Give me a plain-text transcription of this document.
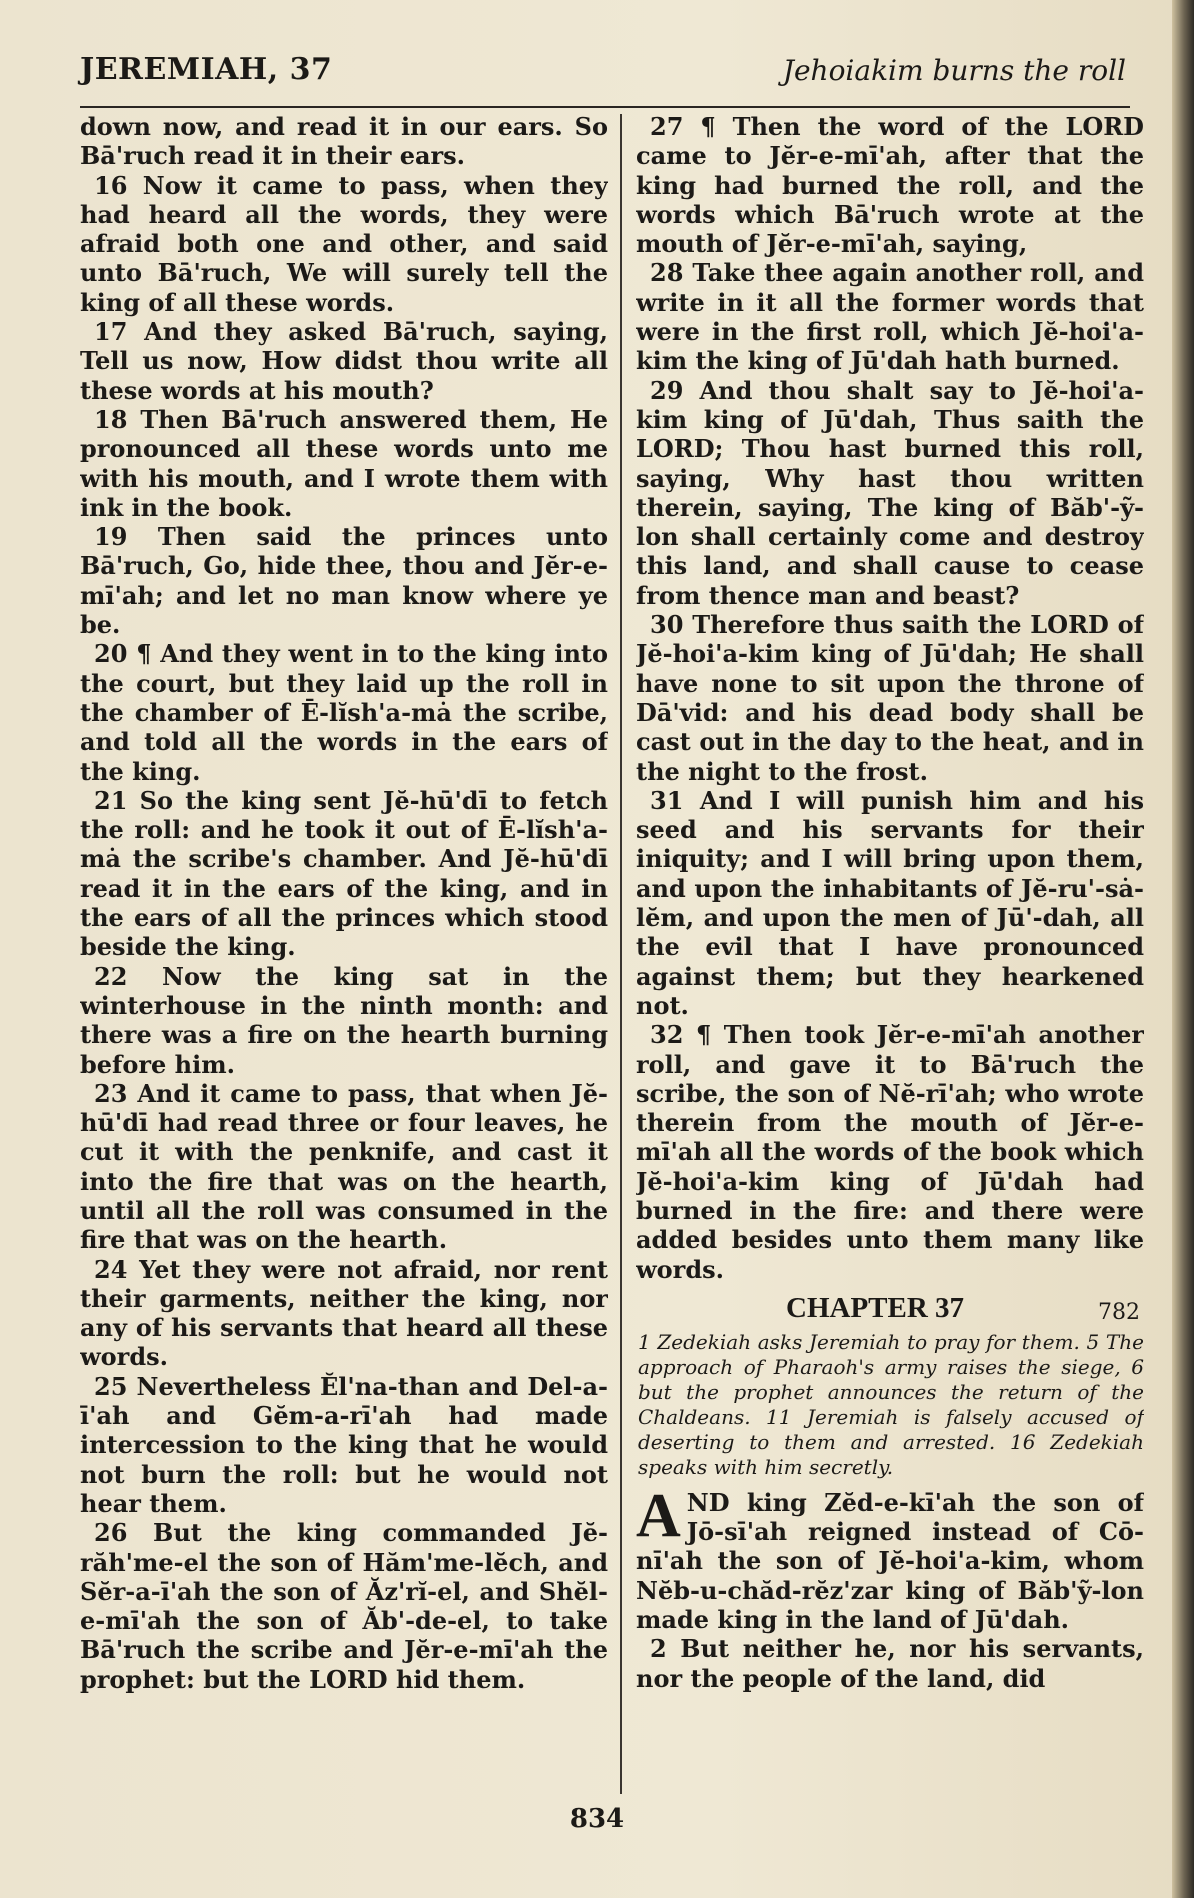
JEREMIAH, 37	Jehoiakim burns the roll

down now, and read it in our ears. So Bā'ruch read it in their ears.

16 Now it came to pass, when they had heard all the words, they were afraid both one and other, and said unto Bā'ruch, We will surely tell the king of all these words.

17 And they asked Bā'ruch, saying, Tell us now, How didst thou write all these words at his mouth?

18 Then Bā'ruch answered them, He pronounced all these words unto me with his mouth, and I wrote them with ink in the book.

19 Then said the princes unto Bā'ruch, Go, hide thee, thou and Jĕr-e-mī'ah; and let no man know where ye be.

20 ¶ And they went in to the king into the court, but they laid up the roll in the chamber of Ē-lĭsh'a-mȧ the scribe, and told all the words in the ears of the king.

21 So the king sent Jĕ-hū'dī to fetch the roll: and he took it out of Ē-lĭsh'a-mȧ the scribe's chamber. And Jĕ-hū'dī read it in the ears of the king, and in the ears of all the princes which stood beside the king.

22 Now the king sat in the winterhouse in the ninth month: and there was a fire on the hearth burning before him.

23 And it came to pass, that when Jĕ-hū'dī had read three or four leaves, he cut it with the penknife, and cast it into the fire that was on the hearth, until all the roll was consumed in the fire that was on the hearth.

24 Yet they were not afraid, nor rent their garments, neither the king, nor any of his servants that heard all these words.

25 Nevertheless Ĕl'na-than and Del-a-ī'ah and Gĕm-a-rī'ah had made intercession to the king that he would not burn the roll: but he would not hear them.

26 But the king commanded Jĕ-răh'me-el the son of Hăm'me-lĕch, and Sĕr-a-ī'ah the son of Ăz'rĭ-el, and Shĕl-e-mī'ah the son of Ăb'-de-el, to take Bā'ruch the scribe and Jĕr-e-mī'ah the prophet: but the LORD hid them.

27 ¶ Then the word of the LORD came to Jĕr-e-mī'ah, after that the king had burned the roll, and the words which Bā'ruch wrote at the mouth of Jĕr-e-mī'ah, saying,

28 Take thee again another roll, and write in it all the former words that were in the first roll, which Jĕ-hoi'a-kim the king of Jū'dah hath burned.

29 And thou shalt say to Jĕ-hoi'a-kim king of Jū'dah, Thus saith the LORD; Thou hast burned this roll, saying, Why hast thou written therein, saying, The king of Băb'-ỹ-lon shall certainly come and destroy this land, and shall cause to cease from thence man and beast?

30 Therefore thus saith the LORD of Jĕ-hoi'a-kim king of Jū'dah; He shall have none to sit upon the throne of Dā'vid: and his dead body shall be cast out in the day to the heat, and in the night to the frost.

31 And I will punish him and his seed and his servants for their iniquity; and I will bring upon them, and upon the inhabitants of Jĕ-ru'-sȧ-lĕm, and upon the men of Jū'-dah, all the evil that I have pronounced against them; but they hearkened not.

32 ¶ Then took Jĕr-e-mī'ah another roll, and gave it to Bā'ruch the scribe, the son of Nĕ-rī'ah; who wrote therein from the mouth of Jĕr-e-mī'ah all the words of the book which Jĕ-hoi'a-kim king of Jū'dah had burned in the fire: and there were added besides unto them many like words.

CHAPTER 37	782

1 Zedekiah asks Jeremiah to pray for them. 5 The approach of Pharaoh's army raises the siege, 6 but the prophet announces the return of the Chaldeans. 11 Jeremiah is falsely accused of deserting to them and arrested. 16 Zedekiah speaks with him secretly.

AND king Zĕd-e-kī'ah the son of Jō-sī'ah reigned instead of Cō-nī'ah the son of Jĕ-hoi'a-kim, whom Nĕb-u-chăd-rĕz'zar king of Băb'ỹ-lon made king in the land of Jū'dah.

2 But neither he, nor his servants, nor the people of the land, did

834
